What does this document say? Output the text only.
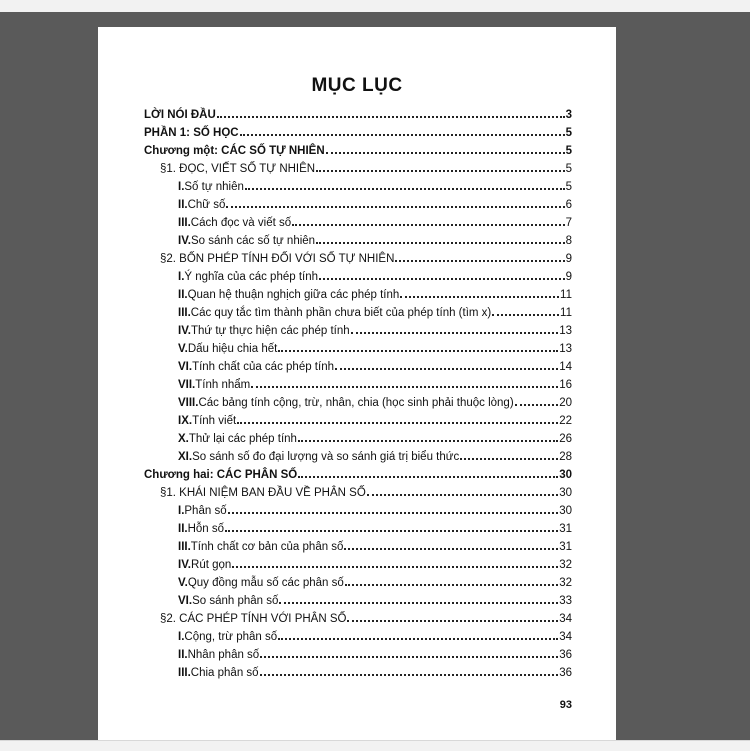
MỤC LỤC
LỜI NÓI ĐẦU	3
PHẦN 1: SỐ HỌC	5
Chương một: CÁC SỐ TỰ NHIÊN	5
§1. ĐỌC, VIẾT SỐ TỰ NHIÊN	5
I. Số tự nhiên	5
II. Chữ số	6
III. Cách đọc và viết số	7
IV. So sánh các số tự nhiên	8
§2. BỐN PHÉP TÍNH ĐỐI VỚI SỐ TỰ NHIÊN	9
I. Ý nghĩa của các phép tính	9
II. Quan hệ thuận nghịch giữa các phép tính	11
III. Các quy tắc tìm thành phần chưa biết của phép tính (tìm x)	11
IV. Thứ tự thực hiện các phép tính	13
V. Dấu hiệu chia hết	13
VI. Tính chất của các phép tính	14
VII. Tính nhẩm	16
VIII. Các bảng tính cộng, trừ, nhân, chia (học sinh phải thuộc lòng)	20
IX. Tính viết	22
X. Thử lại các phép tính	26
XI. So sánh số đo đại lượng và so sánh giá trị biểu thức	28
Chương hai: CÁC PHÂN SỐ	30
§1. KHÁI NIỆM BAN ĐẦU VỀ PHÂN SỐ	30
I. Phân số	30
II. Hỗn số	31
III. Tính chất cơ bản của phân số	31
IV. Rút gọn	32
V. Quy đồng mẫu số các phân số	32
VI. So sánh phân số	33
§2. CÁC PHÉP TÍNH VỚI PHÂN SỐ	34
I. Cộng, trừ phân số	34
II. Nhân phân số	36
III. Chia phân số	36
93
